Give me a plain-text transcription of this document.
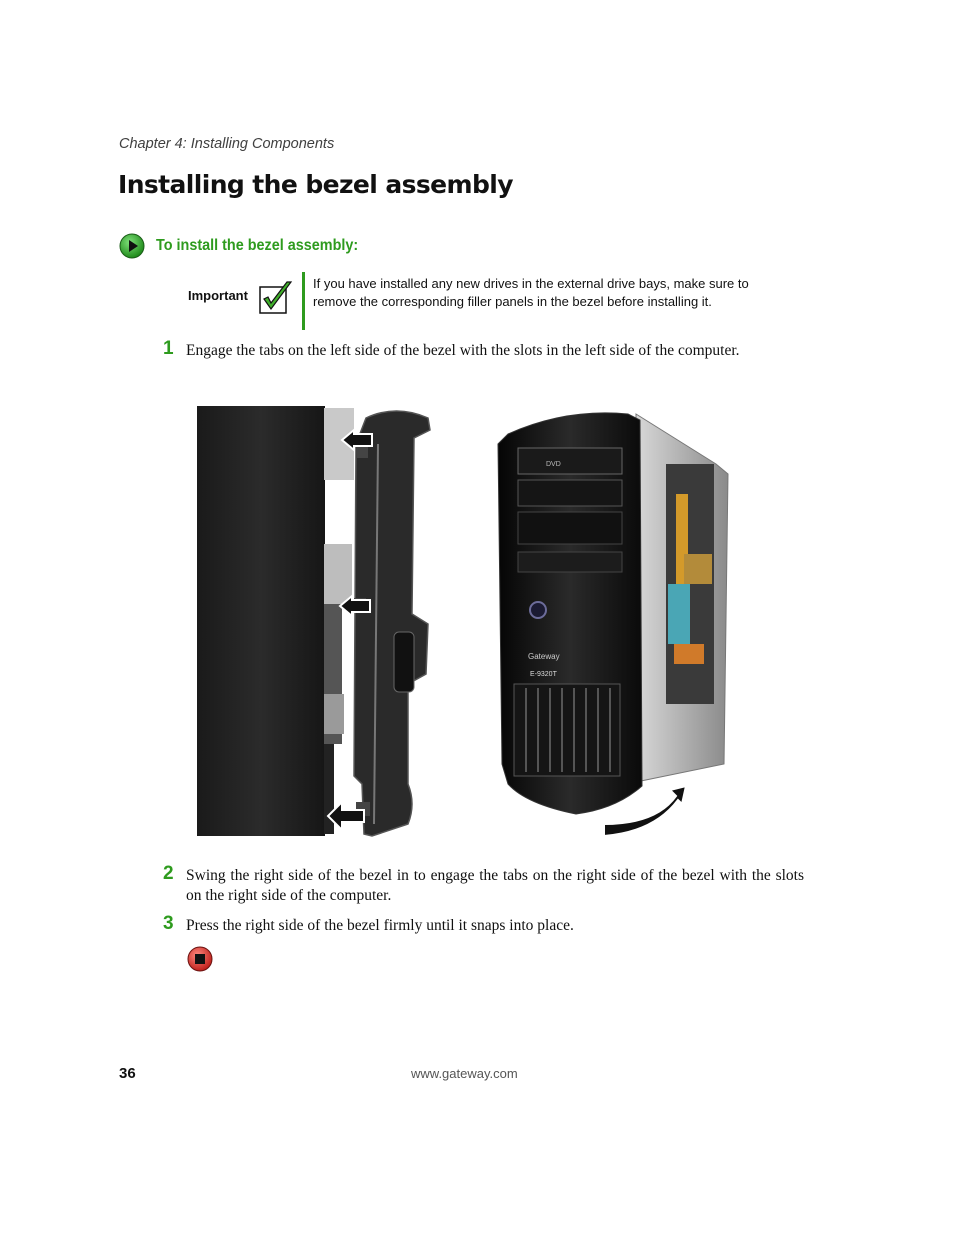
Chapter 4: Installing Components
Installing the bezel assembly
To install the bezel assembly:
Important
If you have installed any new drives in the external drive bays, make sure to remove the corresponding filler panels in the bezel before installing it.
1 Engage the tabs on the left side of the bezel with the slots in the left side of the computer.
DVD
Gateway
E-9320T
2 Swing the right side of the bezel in to engage the tabs on the right side of the bezel with the slots on the right side of the computer.
3 Press the right side of the bezel firmly until it snaps into place.
36	www.gateway.com
